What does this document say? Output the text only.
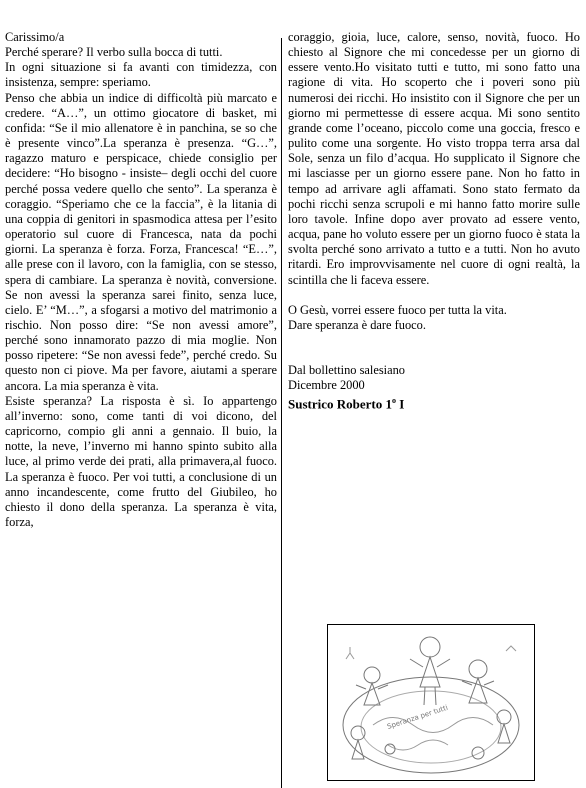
Carissimo/a

Perché sperare? Il verbo sulla bocca di tutti.

In ogni situazione si fa avanti con timidezza, con insistenza, sempre: speriamo.

Penso che abbia un indice di difficoltà più marcato e credere. “A…”, un ottimo giocatore di basket, mi confida: “Se il mio allenatore è in panchina, se so che è presente vinco”.La speranza è presenza. “G…”, ragazzo maturo e perspicace, chiede consiglio per decidere: “Ho bisogno - insiste– degli occhi del cuore perché possa vedere quello che sento”. La speranza è coraggio. “Speriamo che ce la faccia”, è la litania di una coppia di genitori in spasmodica attesa per l’esito operatorio sul cuore di Francesca, nata da pochi giorni. La speranza è forza. Forza, Francesca! “E…”, alle prese con il lavoro, con la famiglia, con se stesso, spera di cambiare. La speranza è novità, conversione. Se non avessi la speranza sarei finito, senza luce, cielo. E’ “M…”, a sfogarsi a motivo del matrimonio a rischio. Non posso dire: “Se non avessi amore”, perché sono innamorato pazzo di mia moglie. Non posso ripetere: “Se non avessi fede”, perché credo. Su questo non ci piove. Ma per favore, aiutami a sperare ancora. La mia speranza è vita.

Esiste speranza? La risposta è sì. Io appartengo all’inverno: sono, come tanti di voi dicono, del capricorno, compio gli anni a gennaio. Il buio, la notte, la neve, l’inverno mi hanno spinto subito alla luce, al primo verde dei prati, alla primavera,al fuoco. La speranza è fuoco. Per voi tutti, a conclusione di un anno incandescente, come frutto del Giubileo, ho chiesto il dono della speranza. La speranza è vita, forza,

coraggio, gioia, luce, calore, senso, novità, fuoco. Ho chiesto al Signore che mi concedesse per un giorno di essere vento.Ho visitato tutti e tutto, mi sono fatto una ragione di vita. Ho scoperto che i poveri sono più numerosi dei ricchi. Ho insistito con il Signore che per un giorno mi permettesse di essere acqua. Mi sono sentito grande come l’oceano, piccolo come una goccia, fresco e pulito come una sorgente. Ho visto troppa terra arsa dal Sole, senza un filo d’acqua. Ho supplicato il Signore che mi lasciasse per un giorno essere pane. Non ho fatto in tempo ad arrivare agli affamati. Sono stato fermato da pochi ricchi senza scrupoli e mi hanno fatto morire sulle loro tavole. Infine dopo aver provato ad essere vento, acqua, pane ho voluto essere per un giorno fuoco è stata la svolta perché sono arrivato a tutto e a tutti. Non ho avuto ritardi. Ero improvvisamente nel cuore di ogni realtà, la scintilla che li faceva essere.

O Gesù, vorrei essere fuoco per tutta la vita.

Dare speranza è dare fuoco.

Dal bollettino salesiano

Dicembre 2000

Sustrico Roberto 1$^o$ I

Speranza per tutti
